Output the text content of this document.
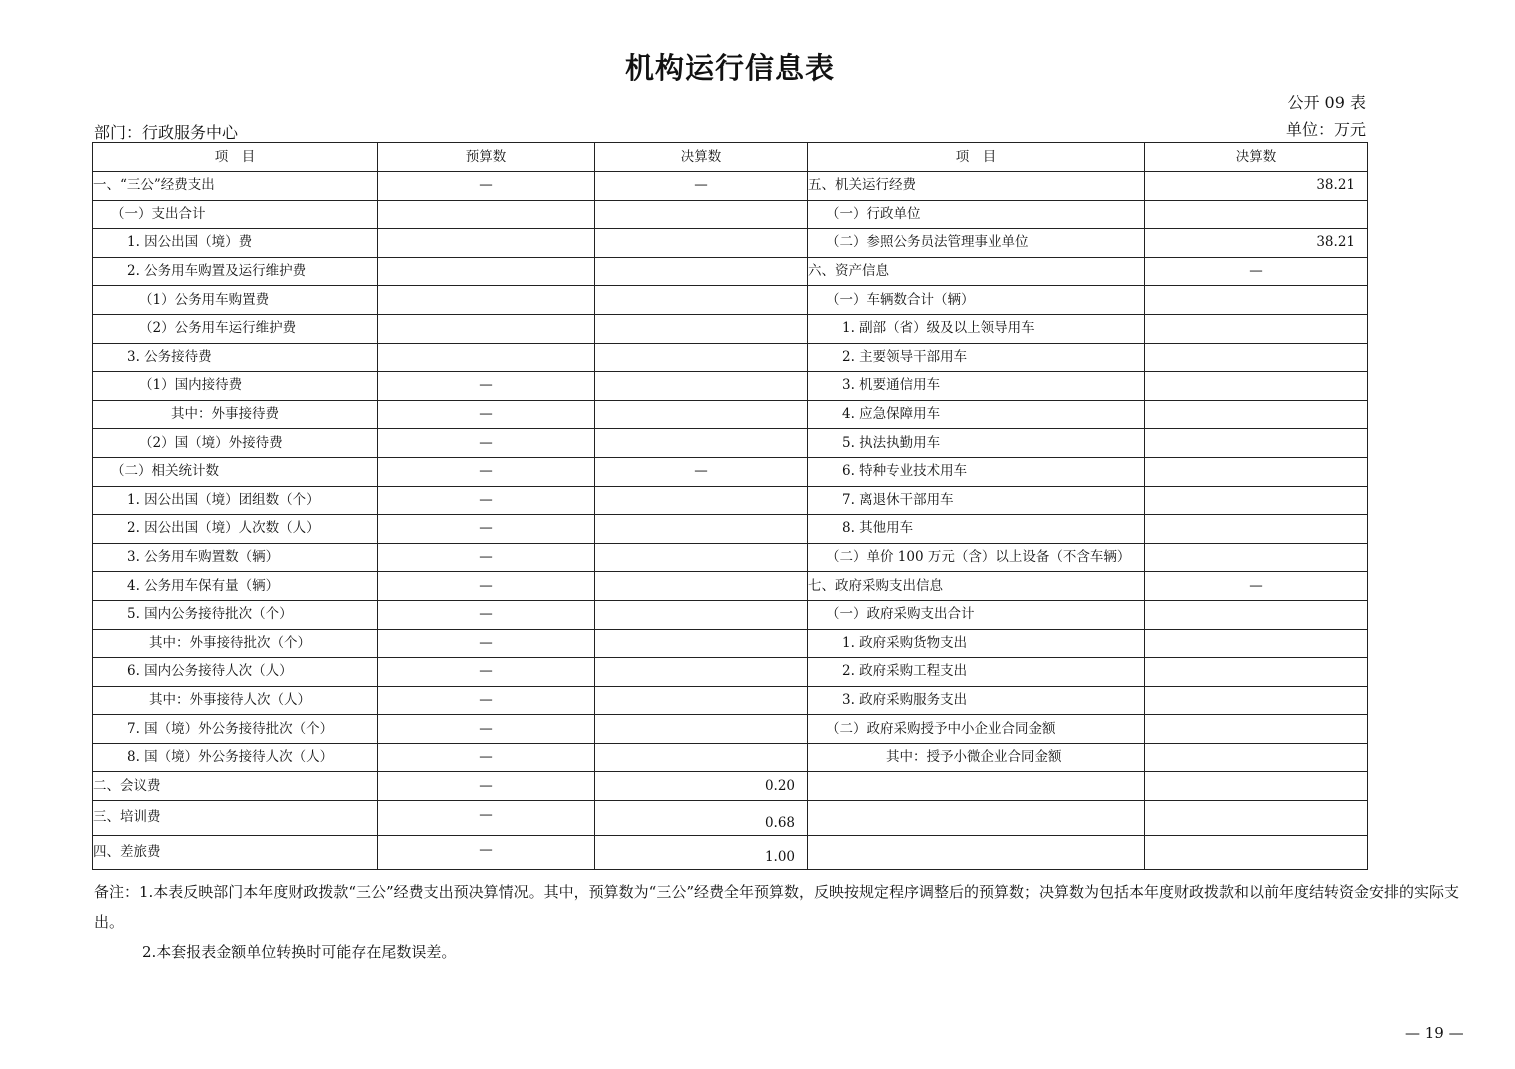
机构运行信息表
公开 09 表
单位：万元
部门：行政服务中心
项　目	预算数	决算数	项　目	决算数
一、“三公”经费支出	—	—	五、机关运行经费	38.21
（一）支出合计			（一）行政单位	
1. 因公出国（境）费			（二）参照公务员法管理事业单位	38.21
2. 公务用车购置及运行维护费			六、资产信息	—
（1）公务用车购置费			（一）车辆数合计（辆）	
（2）公务用车运行维护费			1. 副部（省）级及以上领导用车	
3. 公务接待费			2. 主要领导干部用车	
（1）国内接待费	—		3. 机要通信用车	
其中：外事接待费	—		4. 应急保障用车	
（2）国（境）外接待费	—		5. 执法执勤用车	
（二）相关统计数	—	—	6. 特种专业技术用车	
1. 因公出国（境）团组数（个）	—		7. 离退休干部用车	
2. 因公出国（境）人次数（人）	—		8. 其他用车	
3. 公务用车购置数（辆）	—		（二）单价 100 万元（含）以上设备（不含车辆）	
4. 公务用车保有量（辆）	—		七、政府采购支出信息	—
5. 国内公务接待批次（个）	—		（一）政府采购支出合计	
其中：外事接待批次（个）	—		1. 政府采购货物支出	
6. 国内公务接待人次（人）	—		2. 政府采购工程支出	
其中：外事接待人次（人）	—		3. 政府采购服务支出	
7. 国（境）外公务接待批次（个）	—		（二）政府采购授予中小企业合同金额	
8. 国（境）外公务接待人次（人）	—		其中：授予小微企业合同金额	
二、会议费	—	0.20		
三、培训费	—	0.68		
四、差旅费	—	1.00		
备注：1.本表反映部门本年度财政拨款“三公”经费支出预决算情况。其中，预算数为“三公”经费全年预算数，反映按规定程序调整后的预算数；决算数为包括本年度财政拨款和以前年度结转资金安排的实际支出。
2.本套报表金额单位转换时可能存在尾数误差。
— 19 —
